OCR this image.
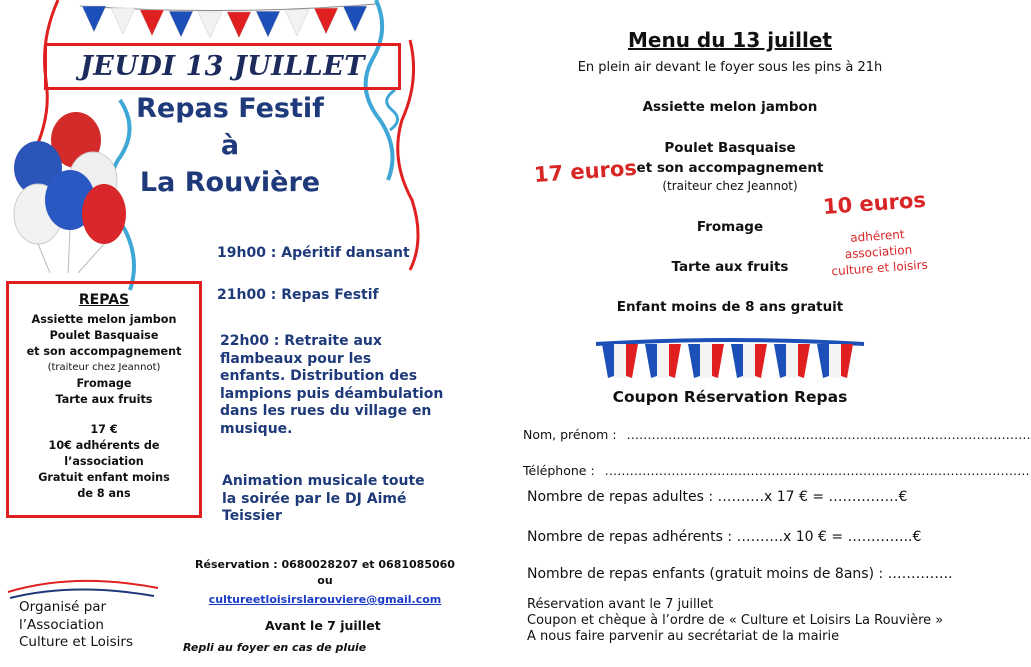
JEUDI 13 JUILLET
Repas Festif
à
La Rouvière
REPAS
Assiette melon jambon
Poulet Basquaise
et son accompagnement
(traiteur chez Jeannot)
Fromage
Tarte aux fruits
17 €
10€ adhérents de
l’association
Gratuit enfant moins
de 8 ans
19h00 : Apéritif dansant
21h00 : Repas Festif
22h00 : Retraite aux
flambeaux pour les
enfants. Distribution des
lampions puis déambulation
dans les rues du village en
musique.
Animation musicale toute
la soirée par le DJ Aimé
Teissier
Réservation : 0680028207 et 0681085060
ou
cultureetloisirslarouviere@gmail.com
Avant le 7 juillet
Repli au foyer en cas de pluie
Organisé par
l’Association
Culture et Loisirs
Menu du 13 juillet
En plein air devant le foyer sous les pins à 21h
Assiette melon jambon
Poulet Basquaise
et son accompagnement
(traiteur chez Jeannot)
Fromage
Tarte aux fruits
Enfant moins de 8 ans gratuit
17 euros
10 euros
adhérent
association
culture et loisirs
Coupon Réservation Repas
Nom, prénom : …………………………………………………………………………………….
Téléphone : …………………………………………………………………………………………
Nombre de repas adultes : ……….x 17 € = ……………€
Nombre de repas adhérents : ……….x 10 € = …………..€
Nombre de repas enfants (gratuit moins de 8ans) : …………..
Réservation avant le 7 juillet
Coupon et chèque à l’ordre de « Culture et Loisirs La Rouvière »
A nous faire parvenir au secrétariat de la mairie
